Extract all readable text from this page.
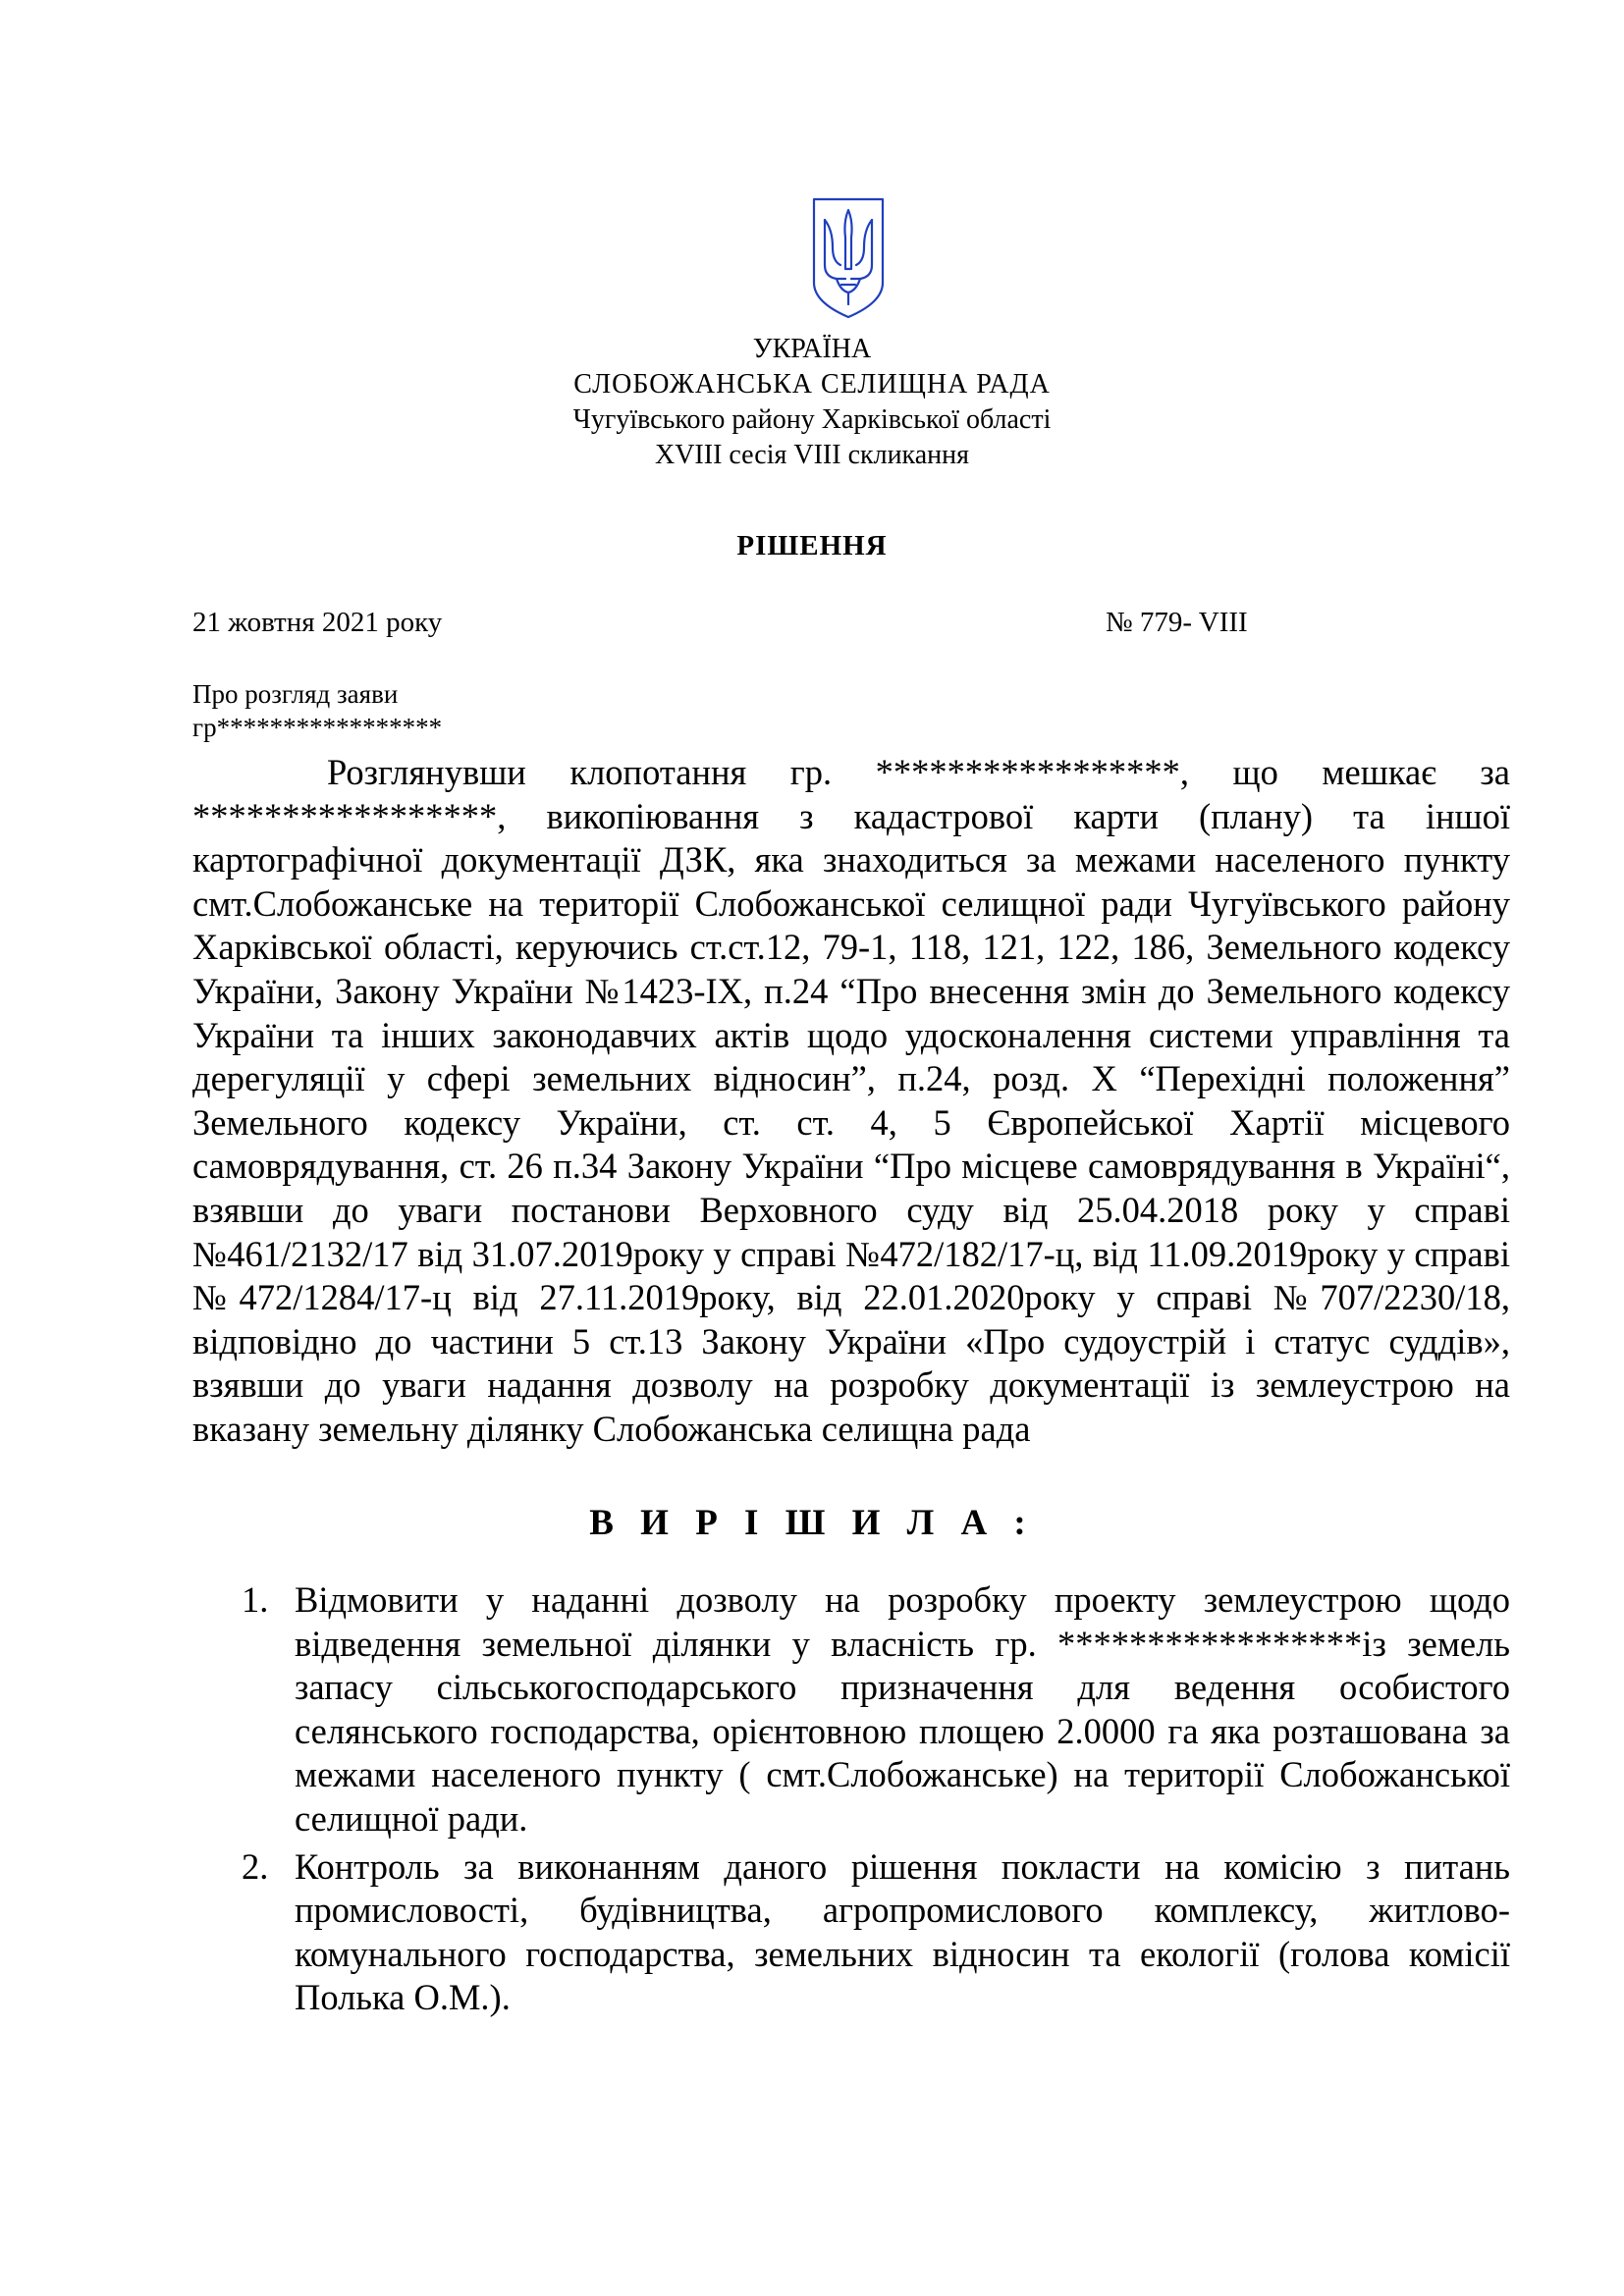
УКРАЇНА
СЛОБОЖАНСЬКА СЕЛИЩНА РАДА
Чугуївського району Харківської області
XVIII сесія VIII скликання
РІШЕННЯ
21 жовтня 2021 року	№ 779- VIII
Про розгляд заяви
гр*****************

Розглянувши клопотання гр. *****************, що мешкає за *****************, викопіювання з кадастрової карти (плану) та іншої картографічної документації ДЗК, яка знаходиться за межами населеного пункту смт.Слобожанське на території Слобожанської селищної ради Чугуївського району Харківської області, керуючись ст.ст.12, 79-1, 118, 121, 122, 186, Земельного кодексу України, Закону України №1423-IX, п.24 “Про внесення змін до Земельного кодексу України та інших законодавчих актів щодо удосконалення системи управління та дерегуляції у сфері земельних відносин”, п.24, розд. X “Перехідні положення” Земельного кодексу України, ст. ст. 4, 5 Європейської Хартії місцевого самоврядування, ст. 26 п.34 Закону України “Про місцеве самоврядування в Україні“, взявши до уваги постанови Верховного суду від 25.04.2018 року у справі №461/2132/17 від 31.07.2019року у справі №472/182/17-ц, від 11.09.2019року у справі №472/1284/17-ц від 27.11.2019року, від 22.01.2020року у справі №707/2230/18, відповідно до частини 5 ст.13 Закону України «Про судоустрій і статус суддів», взявши до уваги надання дозволу на розробку документації із землеустрою на вказану земельну ділянку Слобожанська селищна рада

В И Р І Ш И Л А :
1. Відмовити у наданні дозволу на розробку проекту землеустрою щодо відведення земельної ділянки у власність гр. *****************із земель запасу сільськогосподарського призначення для ведення особистого селянського господарства, орієнтовною площею 2.0000 га яка розташована за межами населеного пункту ( смт.Слобожанське) на території Слобожанської селищної ради.
2. Контроль за виконанням даного рішення покласти на комісію з питань промисловості, будівництва, агропромислового комплексу, житлово-комунального господарства, земельних відносин та екології (голова комісії Полька О.М.).
